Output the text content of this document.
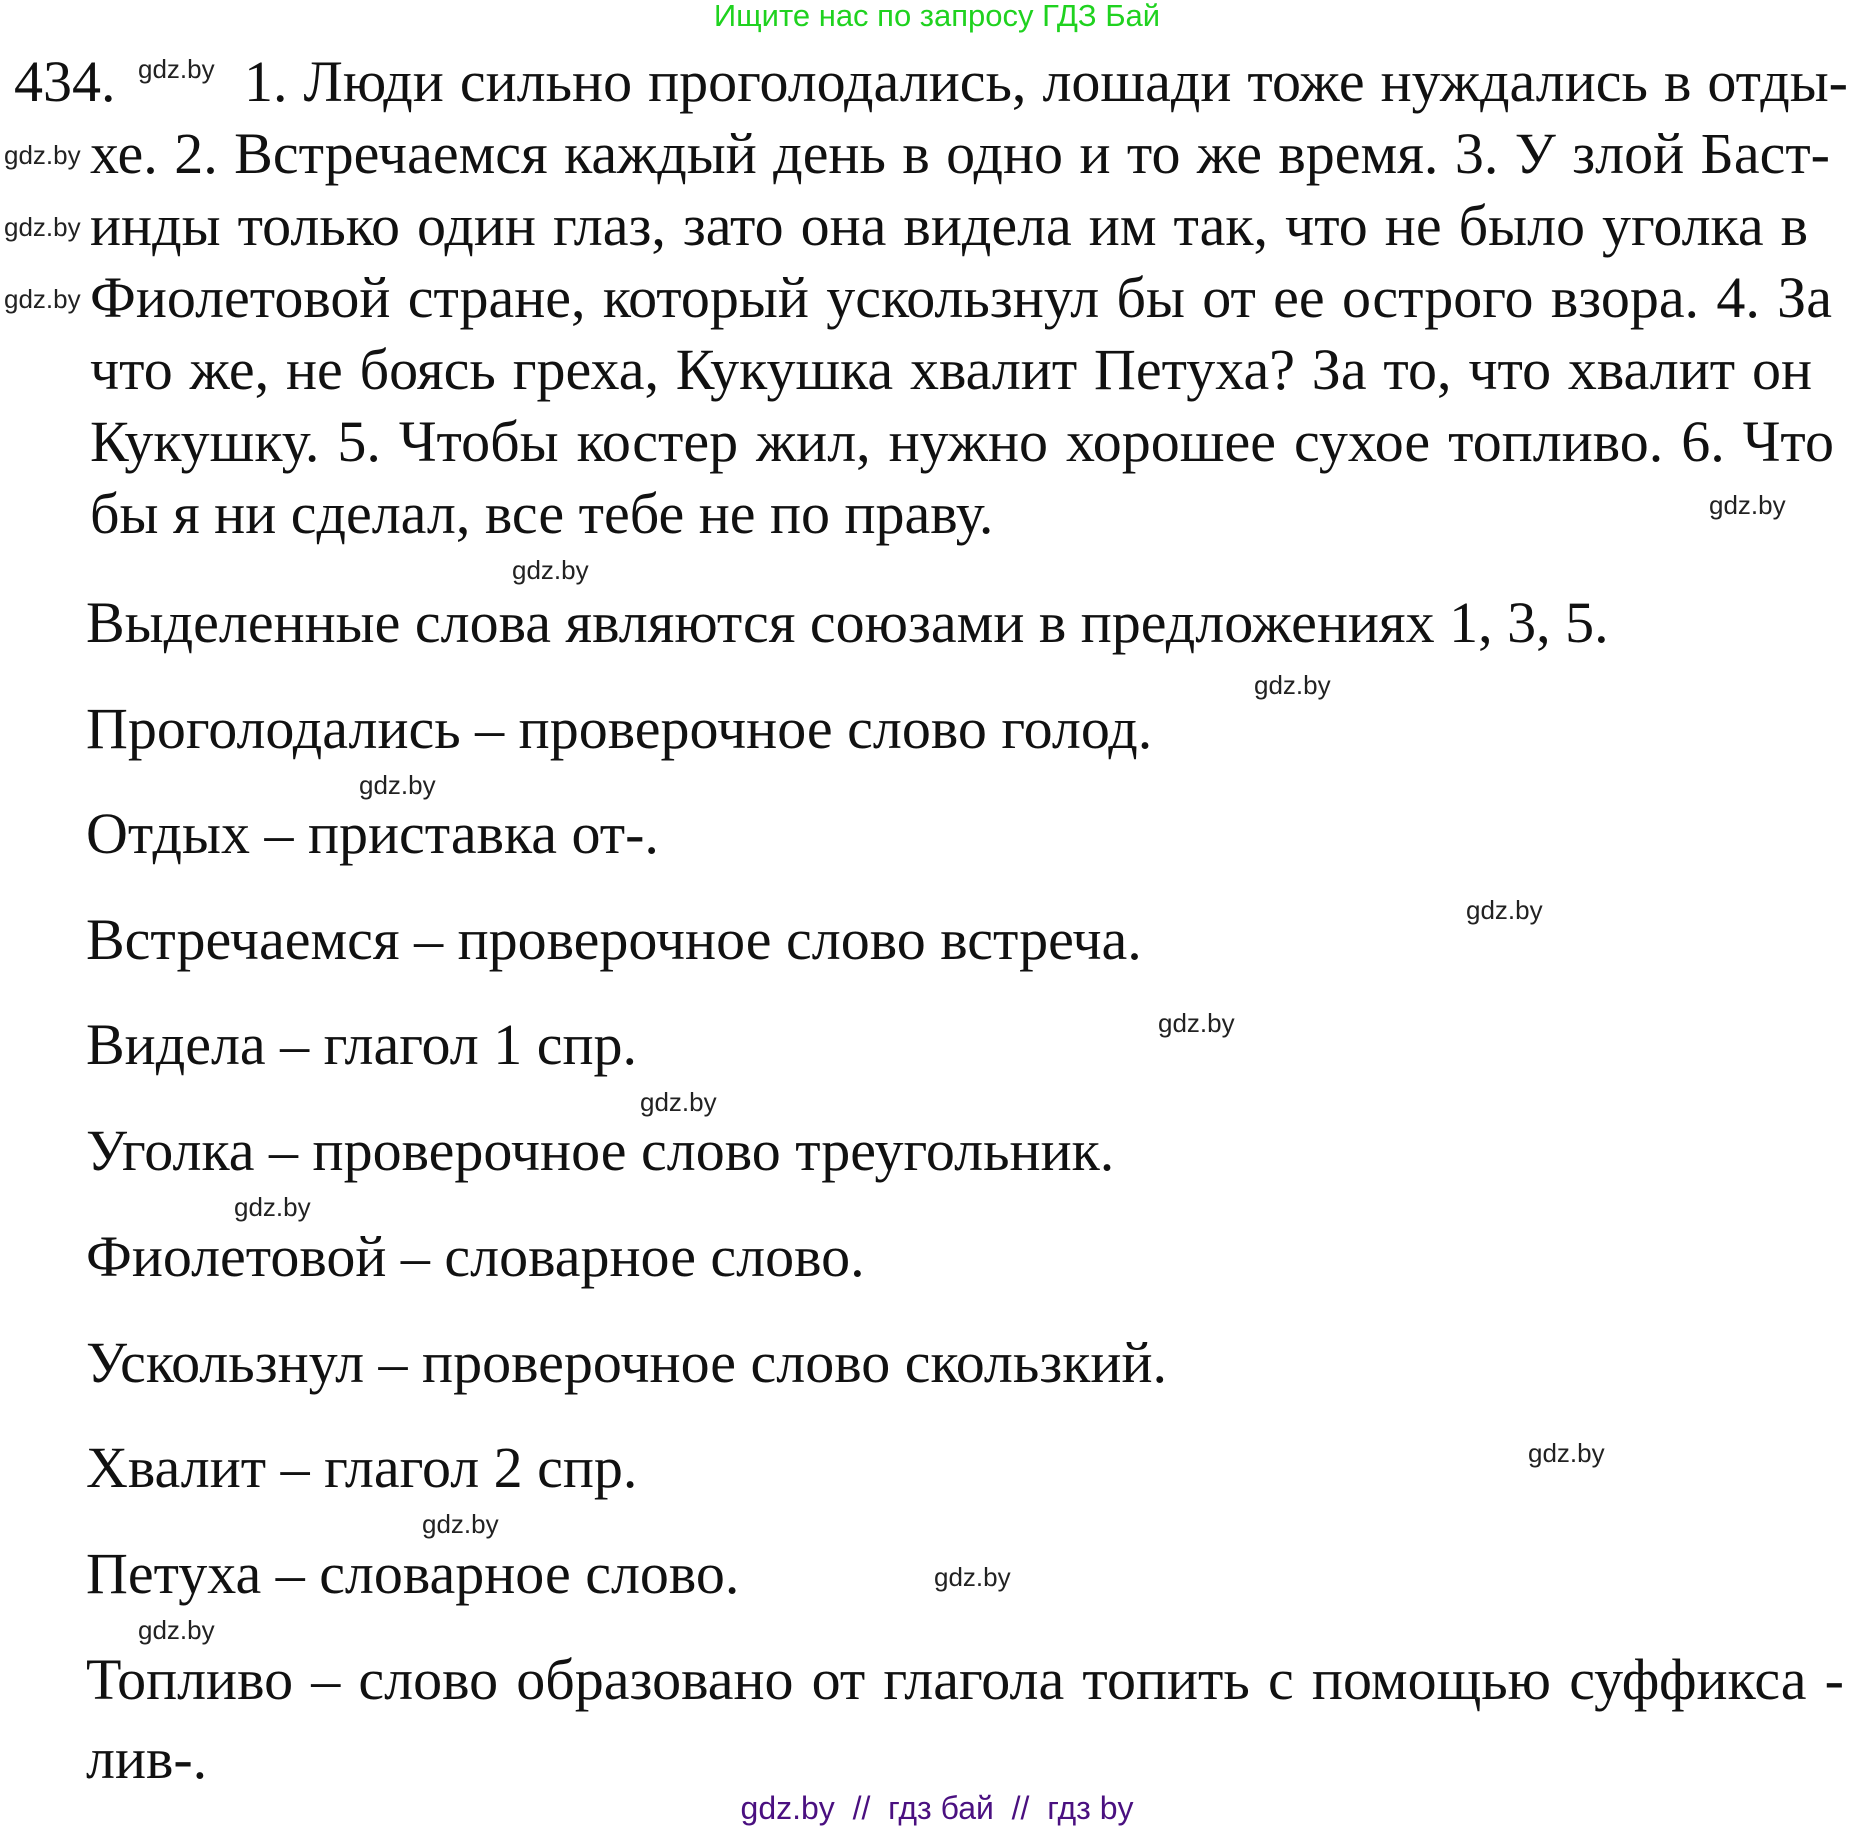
Ищите нас по запросу ГДЗ Бай
434. 1. Люди сильно проголодались, лошади тоже нуждались в отды-
хе. 2. Встречаемся каждый день в одно и то же время. 3. У злой Баст-
инды только один глаз, зато она видела им так, что не было уголка в
Фиолетовой стране, который ускользнул бы от ее острого взора. 4. За
что же, не боясь греха, Кукушка хвалит Петуха? За то, что хвалит он
Кукушку. 5. Чтобы костер жил, нужно хорошее сухое топливо. 6. Что
бы я ни сделал, все тебе не по праву.
Выделенные слова являются союзами в предложениях 1, 3, 5.
Проголодались – проверочное слово голод.
Отдых – приставка от-.
Встречаемся – проверочное слово встреча.
Видела – глагол 1 спр.
Уголка – проверочное слово треугольник.
Фиолетовой – словарное слово.
Ускользнул – проверочное слово скользкий.
Хвалит – глагол 2 спр.
Петуха – словарное слово.
Топливо – слово образовано от глагола топить с помощью суффикса -
лив-.
gdz.by
gdz.by
gdz.by
gdz.by
gdz.by
gdz.by
gdz.by
gdz.by
gdz.by
gdz.by
gdz.by
gdz.by
gdz.by
gdz.by
gdz.by
gdz.by
gdz.by  //  гдз бай  //  гдз by
